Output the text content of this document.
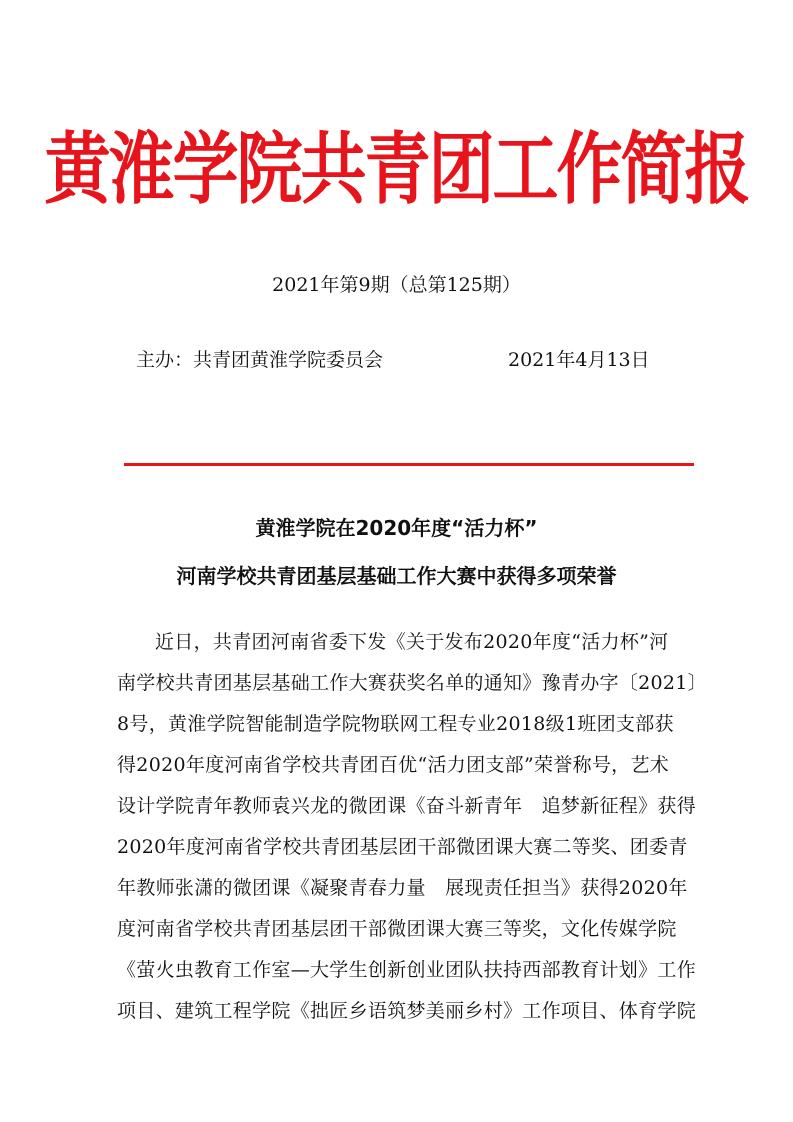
黄淮学院共青团工作简报
2021年第9期（总第125期）
主办：共青团黄淮学院委员会	2021年4月13日
黄淮学院在2020年度“活力杯”
河南学校共青团基层基础工作大赛中获得多项荣誉
近日，共青团河南省委下发《关于发布2020年度“活力杯”河
南学校共青团基层基础工作大赛获奖名单的通知》豫青办字〔2021〕
8号，黄淮学院智能制造学院物联网工程专业2018级1班团支部获
得2020年度河南省学校共青团百优“活力团支部”荣誉称号，艺术
设计学院青年教师袁兴龙的微团课《奋斗新青年　追梦新征程》获得
2020年度河南省学校共青团基层团干部微团课大赛二等奖、团委青
年教师张潇的微团课《凝聚青春力量　展现责任担当》获得2020年
度河南省学校共青团基层团干部微团课大赛三等奖，文化传媒学院
《萤火虫教育工作室—大学生创新创业团队扶持西部教育计划》工作
项目、建筑工程学院《拙匠乡语筑梦美丽乡村》工作项目、体育学院
